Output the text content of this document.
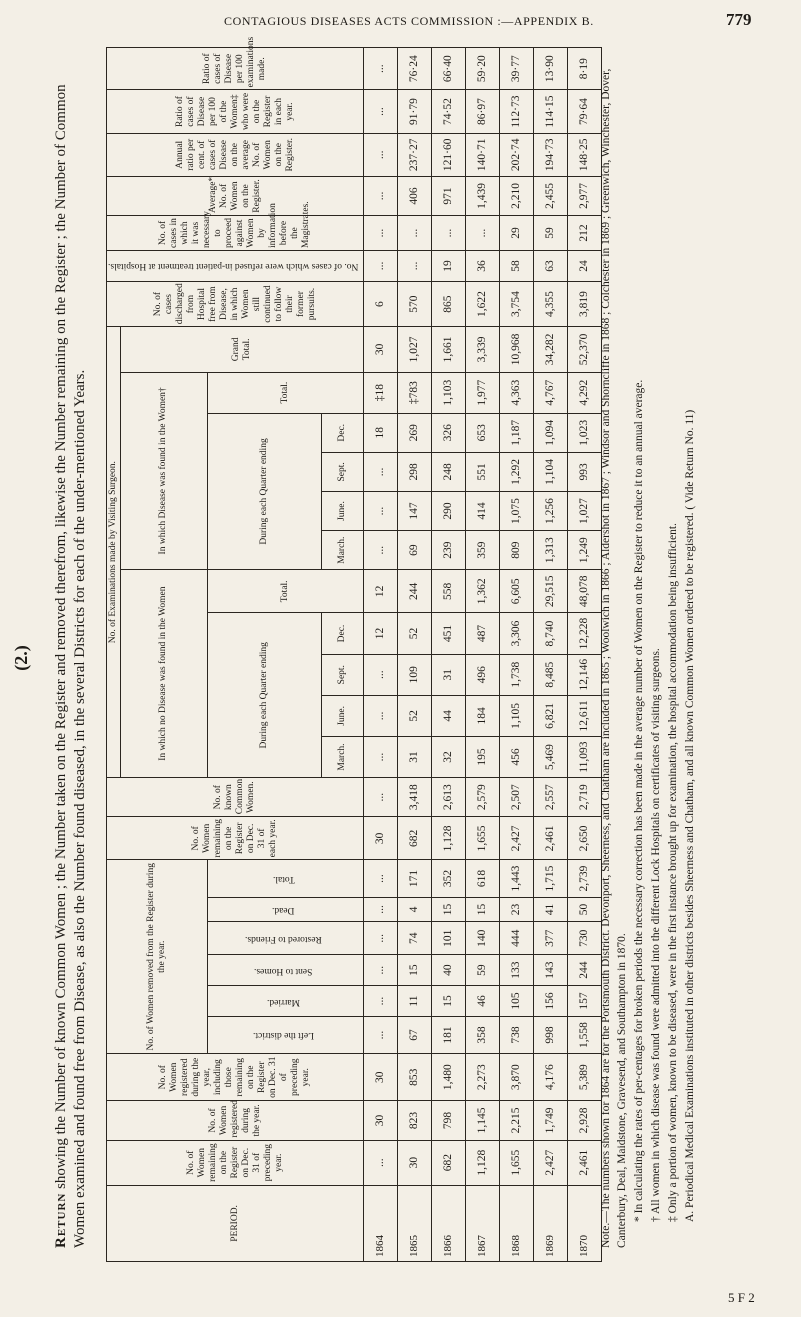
CONTAGIOUS DISEASES ACTS COMMISSION :—APPENDIX B.	779
(2.)
Return showing the Number of known Common Women ; the Number taken on the Register and removed therefrom, likewise the Number remaining on the Register ; the Number of Common Women examined and found free from Disease, as also the Number found diseased, in the several Districts for each of the under-mentioned Years.	PERIOD.	No. of Women remaining on the Register on Dec. 31 of preceding year.	No. of Women registered during the year.	No. of Women registered during the year, including those remaining on the Register on Dec. 31 of preceding year.	No. of Women removed from the Register during the year.						No. of Women remaining on the Register on Dec. 31 of each year.	No. of known Common Women.	No. of Examinations made by Visiting Surgeon.											No. of cases discharged from Hospital free from Disease, in which Women still continued to follow their former pursuits.	No. of cases which were refused in-patient treatment at Hospitals.	No. of cases in which it was necessary to proceed against Women by information before the Magistrates.	Average* No. of Women on the Register.	Annual ratio per cent. of cases of Disease on the average No. of Women on the Register.	Ratio of cases of Disease per 100 of the Women‡ who were on the Register in each year.	Ratio of cases of Disease per 100 examinations made.
												In which no Disease was found in the Women					In which Disease was found in the Women†					Grand Total.							
				Left the district.	Married.	Sent to Homes.	Restored to Friends.	Dead.	Total.			During each Quarter ending				Total.	During each Quarter ending				Total.								
												March.	June.	Sept.	Dec.		March.	June.	Sept.	Dec.									
1864	...	30	30	...	...	...	...	...	...	30	...	...	...	...	12	12	...	...	...	18	‡18	30	6	...	...	...	...	...	...
1865	30	823	853	67	11	15	74	4	171	682	3,418	31	52	109	52	244	69	147	298	269	‡783	1,027	570	...	...	406	237·27	91·79	76·24
1866	682	798	1,480	181	15	40	101	15	352	1,128	2,613	32	44	31	451	558	239	290	248	326	1,103	1,661	865	19	...	971	121·60	74·52	66·40
1867	1,128	1,145	2,273	358	46	59	140	15	618	1,655	2,579	195	184	496	487	1,362	359	414	551	653	1,977	3,339	1,622	36	...	1,439	140·71	86·97	59·20
1868	1,655	2,215	3,870	738	105	133	444	23	1,443	2,427	2,507	456	1,105	1,738	3,306	6,605	809	1,075	1,292	1,187	4,363	10,968	3,754	58	29	2,210	202·74	112·73	39·77
1869	2,427	1,749	4,176	998	156	143	377	41	1,715	2,461	2,557	5,469	6,821	8,485	8,740	29,515	1,313	1,256	1,104	1,094	4,767	34,282	4,355	63	59	2,455	194·73	114·15	13·90
1870	2,461	2,928	5,389	1,558	157	244	730	50	2,739	2,650	2,719	11,093	12,611	12,146	12,228	48,078	1,249	1,027	993	1,023	4,292	52,370	3,819	24	212	2,977	148·25	79·64	8·19 Note.—The numbers shown for 1864 are for the Portsmouth District. Devonport, Sheerness, and Chatham are included in 1865 ; Woolwich in 1866 ; Aldershot in 1867 ; Windsor and Shorncliffe in 1868 ; Colchester in 1869 ; Greenwich, Winchester, Dover, Canterbury, Deal, Maidstone, Gravesend, and Southampton in 1870. * In calculating the rates of per-centages for broken periods the necessary correction has been made in the average number of Women on the Register to reduce it to an annual average. † All women in which disease was found were admitted into the different Lock Hospitals on certificates of visiting surgeons. ‡ Only a portion of women, known to be diseased, were in the first instance brought up for examination, the hospital accommodation being insufficient. A. Periodical Medical Examinations instituted in other districts besides Sheerness and Chatham, and all known Common Women ordered to be registered. ( Vide Return No. 11)

5 F 2
